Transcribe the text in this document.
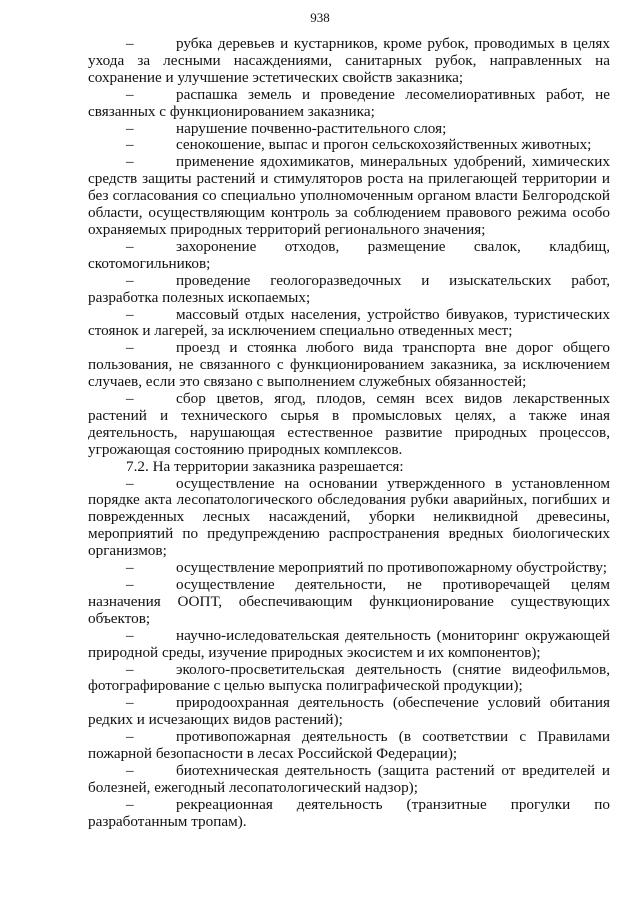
938

–	рубка деревьев и кустарников, кроме рубок, проводимых в целях ухода за лесными насаждениями, санитарных рубок, направленных на сохранение и улучшение эстетических свойств заказника;

–	распашка земель и проведение лесомелиоративных работ, не связанных с функционированием заказника;

–	нарушение почвенно-растительного слоя;

–	сенокошение, выпас и прогон сельскохозяйственных животных;

–	применение ядохимикатов, минеральных удобрений, химических средств защиты растений и стимуляторов роста на прилегающей территории и без согласования со специально уполномоченным органом власти Белгородской области, осуществляющим контроль за соблюдением правового режима особо охраняемых природных территорий регионального значения;

–	захоронение отходов, размещение свалок, кладбищ, скотомогильников;

–	проведение геологоразведочных и изыскательских работ, разработка полезных ископаемых;

–	массовый отдых населения, устройство бивуаков, туристических стоянок и лагерей, за исключением специально отведенных мест;

–	проезд и стоянка любого вида транспорта вне дорог общего пользования, не связанного с функционированием заказника, за исключением случаев, если это связано с выполнением служебных обязанностей;

–	сбор цветов, ягод, плодов, семян всех видов лекарственных растений и технического сырья в промысловых целях, а также иная деятельность, нарушающая естественное развитие природных процессов, угрожающая состоянию природных комплексов.

7.2. На территории заказника разрешается:

–	осуществление на основании утвержденного в установленном порядке акта лесопатологического обследования рубки аварийных, погибших и поврежденных лесных насаждений, уборки неликвидной древесины, мероприятий по предупреждению распространения вредных биологических организмов;

–	осуществление мероприятий по противопожарному обустройству;

–	осуществление деятельности, не противоречащей целям назначения ООПТ, обеспечивающим функционирование существующих объектов;

–	научно-иследовательская деятельность (мониторинг окружающей природной среды, изучение природных экосистем и их компонентов);

–	эколого-просветительская деятельность (снятие видеофильмов, фотографирование с целью выпуска полиграфической продукции);

–	природоохранная деятельность (обеспечение условий обитания редких и исчезающих видов растений);

–	противопожарная деятельность (в соответствии с Правилами пожарной безопасности в лесах Российской Федерации);

–	биотехническая деятельность (защита растений от вредителей и болезней, ежегодный лесопатологический надзор);

–	рекреационная деятельность (транзитные прогулки по разработанным тропам).
